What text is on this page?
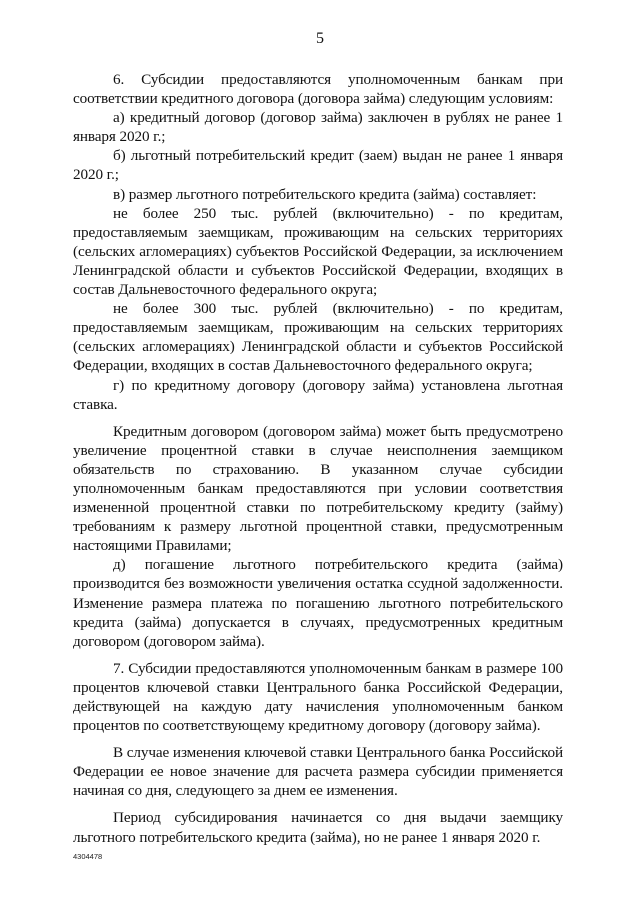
5

6. Субсидии предоставляются уполномоченным банкам при соответствии кредитного договора (договора займа) следующим условиям:

а) кредитный договор (договор займа) заключен в рублях не ранее 1 января 2020 г.;

б) льготный потребительский кредит (заем) выдан не ранее 1 января 2020 г.;

в) размер льготного потребительского кредита (займа) составляет:

не более 250 тыс. рублей (включительно) - по кредитам, предоставляемым заемщикам, проживающим на сельских территориях (сельских агломерациях) субъектов Российской Федерации, за исключением Ленинградской области и субъектов Российской Федерации, входящих в состав Дальневосточного федерального округа;

не более 300 тыс. рублей (включительно) - по кредитам, предоставляемым заемщикам, проживающим на сельских территориях (сельских агломерациях) Ленинградской области и субъектов Российской Федерации, входящих в состав Дальневосточного федерального округа;

г) по кредитному договору (договору займа) установлена льготная ставка.

Кредитным договором (договором займа) может быть предусмотрено увеличение процентной ставки в случае неисполнения заемщиком обязательств по страхованию. В указанном случае субсидии уполномоченным банкам предоставляются при условии соответствия измененной процентной ставки по потребительскому кредиту (займу) требованиям к размеру льготной процентной ставки, предусмотренным настоящими Правилами;

д) погашение льготного потребительского кредита (займа) производится без возможности увеличения остатка ссудной задолженности. Изменение размера платежа по погашению льготного потребительского кредита (займа) допускается в случаях, предусмотренных кредитным договором (договором займа).

7. Субсидии предоставляются уполномоченным банкам в размере 100 процентов ключевой ставки Центрального банка Российской Федерации, действующей на каждую дату начисления уполномоченным банком процентов по соответствующему кредитному договору (договору займа).

В случае изменения ключевой ставки Центрального банка Российской Федерации ее новое значение для расчета размера субсидии применяется начиная со дня, следующего за днем ее изменения.

Период субсидирования начинается со дня выдачи заемщику льготного потребительского кредита (займа), но не ранее 1 января 2020 г.

4304478
